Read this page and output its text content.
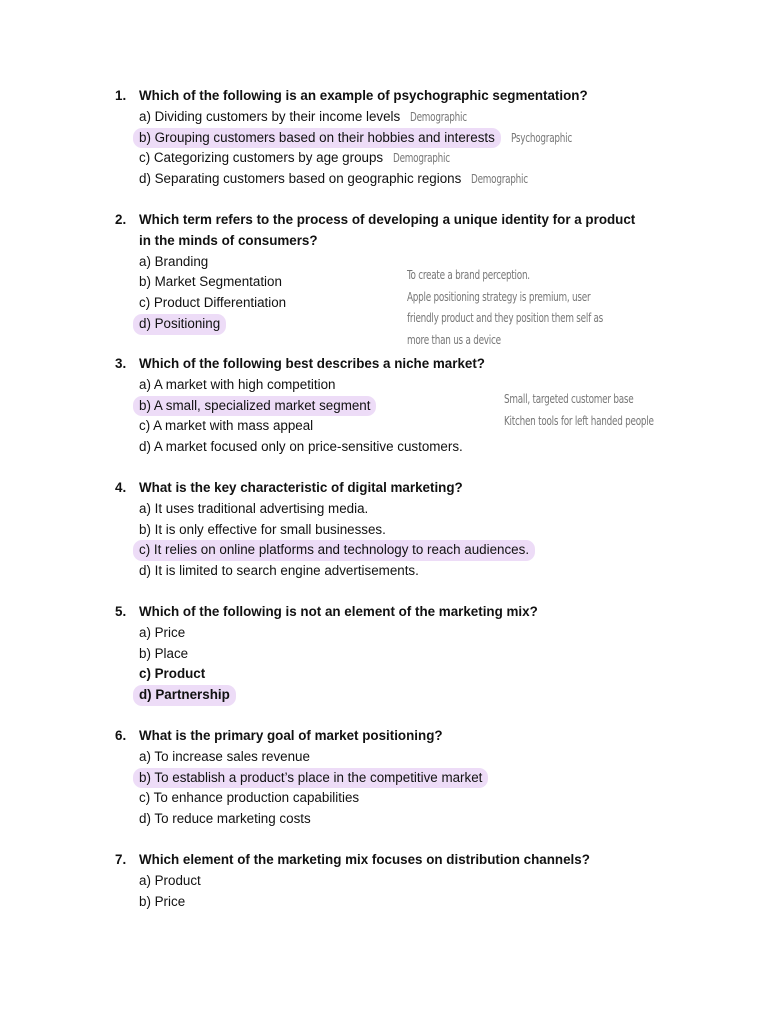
1. Which of the following is an example of psychographic segmentation?
a) Dividing customers by their income levels Demographic
b) Grouping customers based on their hobbies and interests Psychographic
c) Categorizing customers by age groups Demographic
d) Separating customers based on geographic regions Demographic
2. Which term refers to the process of developing a unique identity for a product in the minds of consumers?
a) Branding
b) Market Segmentation
c) Product Differentiation
d) Positioning
To create a brand perception.
Apple positioning strategy is premium, user
friendly product and they position them self as
more than us a device
3. Which of the following best describes a niche market?
a) A market with high competition
b) A small, specialized market segment
c) A market with mass appeal
d) A market focused only on price-sensitive customers.
Small, targeted customer base
Kitchen tools for left handed people
4. What is the key characteristic of digital marketing?
a) It uses traditional advertising media.
b) It is only effective for small businesses.
c) It relies on online platforms and technology to reach audiences.
d) It is limited to search engine advertisements.
5. Which of the following is not an element of the marketing mix?
a) Price
b) Place
c) Product
d) Partnership
6. What is the primary goal of market positioning?
a) To increase sales revenue
b) To establish a product’s place in the competitive market
c) To enhance production capabilities
d) To reduce marketing costs
7. Which element of the marketing mix focuses on distribution channels?
a) Product
b) Price
